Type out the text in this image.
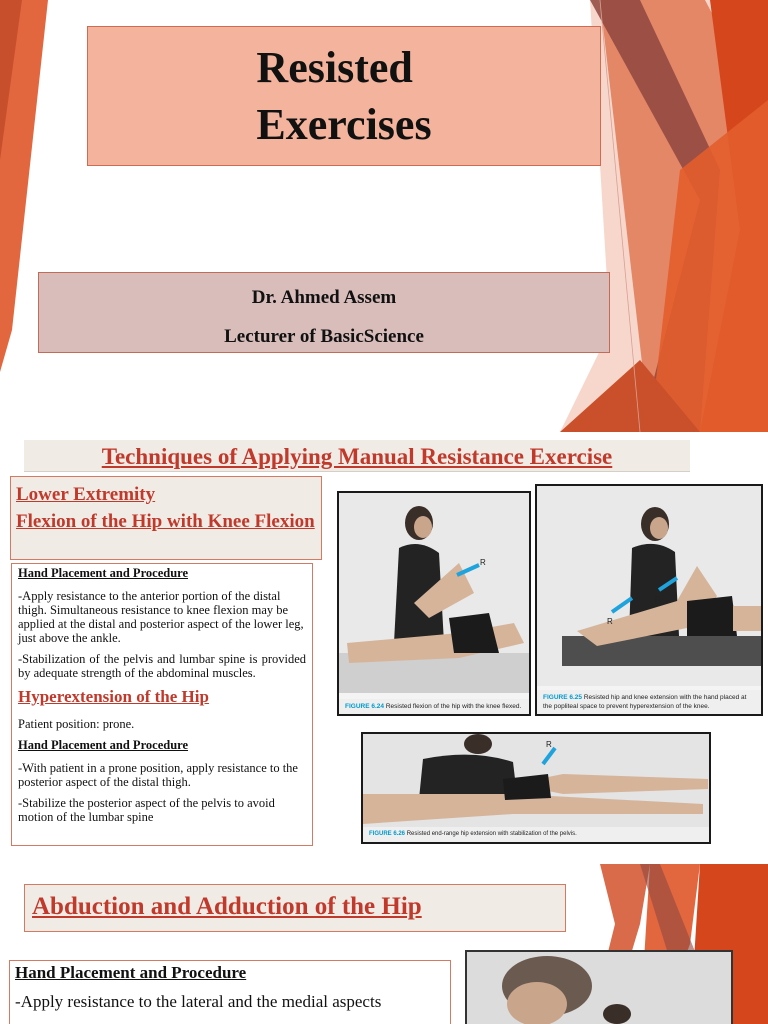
Resisted
Exercises
Dr. Ahmed Assem
Lecturer of BasicScience
Techniques of Applying Manual Resistance Exercise
Lower Extremity
Flexion of the Hip with Knee Flexion
Hand Placement and Procedure

-Apply resistance to the anterior portion of the distal thigh. Simultaneous resistance to knee flexion may be applied at the distal and posterior aspect of the lower leg, just above the ankle.

-Stabilization of the pelvis and lumbar spine is provided by adequate strength of the abdominal muscles.

Hyperextension of the Hip

Patient position: prone.

Hand Placement and Procedure

-With patient in a prone position, apply resistance to the posterior aspect of the distal thigh.

-Stabilize the posterior aspect of the pelvis to avoid motion of the lumbar spine

R
FIGURE 6.24 Resisted flexion of the hip with the knee flexed.
R
R
FIGURE 6.25 Resisted hip and knee extension with the hand placed at the popliteal space to prevent hyperextension of the knee.
R
FIGURE 6.26 Resisted end-range hip extension with stabilization of the pelvis.
Abduction and Adduction of the Hip
Hand Placement and Procedure

-Apply resistance to the lateral and the medial aspects
